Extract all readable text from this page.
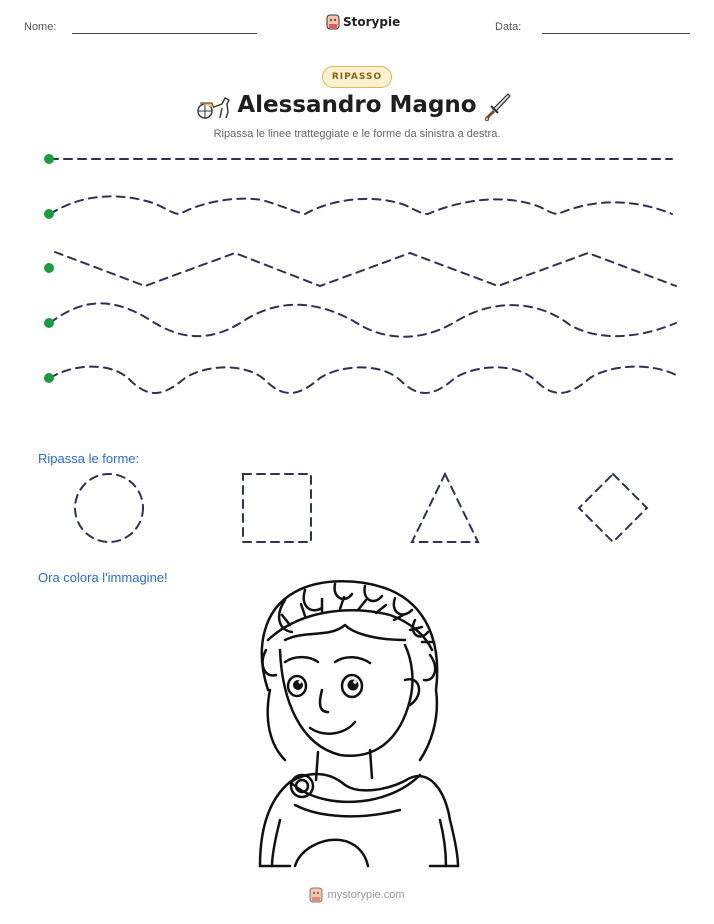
Nome:	Storypie	Data:
RIPASSO
Alessandro Magno
Ripassa le linee tratteggiate e le forme da sinistra a destra.
Ripassa le forme:
Ora colora l'immagine!
mystorypie.com
